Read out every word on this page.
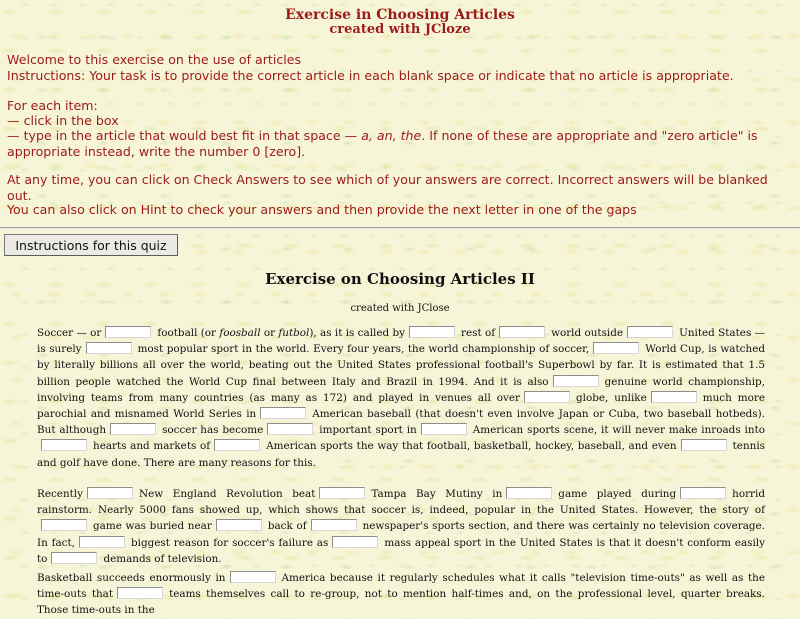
Exercise in Choosing Articles
created with JCloze
Welcome to this exercise on the use of articles
Instructions: Your task is to provide the correct article in each blank space or indicate that no article is appropriate.
For each item:
— click in the box
— type in the article that would best fit in that space — a, an, the. If none of these are appropriate and "zero article" is appropriate instead, write the number 0 [zero].
At any time, you can click on Check Answers to see which of your answers are correct. Incorrect answers will be blanked out.
You can also click on Hint to check your answers and then provide the next letter in one of the gaps
Instructions for this quiz
Exercise on Choosing Articles II
created with JClose
Soccer — or	football (or foosball or futbol), as it is called by	rest of	world outside	United States — is surely	most popular sport in the world. Every four years, the world championship of soccer,	World Cup, is watched by literally billions all over the world, beating out the United States professional football's Superbowl by far. It is estimated that 1.5 billion people watched the World Cup final between Italy and Brazil in 1994. And it is also	genuine world championship, involving teams from many countries (as many as 172) and played in venues all over	globe, unlike	much more parochial and misnamed World Series in	American baseball (that doesn't even involve Japan or Cuba, two baseball hotbeds). But although	soccer has become	important sport in	American sports scene, it will never make inroads intohearts and markets of	American sports the way that football, basketball, hockey, baseball, and even	tennis and golf have done. There are many reasons for this.
Recently	New England Revolution beat	Tampa Bay Mutiny in	game played during	horrid rainstorm. Nearly 5000 fans showed up, which shows that soccer is, indeed, popular in the United States. However, the story ofgame was buried near	back of	newspaper's sports section, and there was certainly no television coverage. In fact,	biggest reason for soccer's failure as	mass appeal sport in the United States is that it doesn't conform easily to	demands of television.
Basketball succeeds enormously in	America because it regularly schedules what it calls "television time-outs" as well as the time-outs that	teams themselves call to re-group, not to mention half-times and, on the professional level, quarter breaks. Those time-outs in the
